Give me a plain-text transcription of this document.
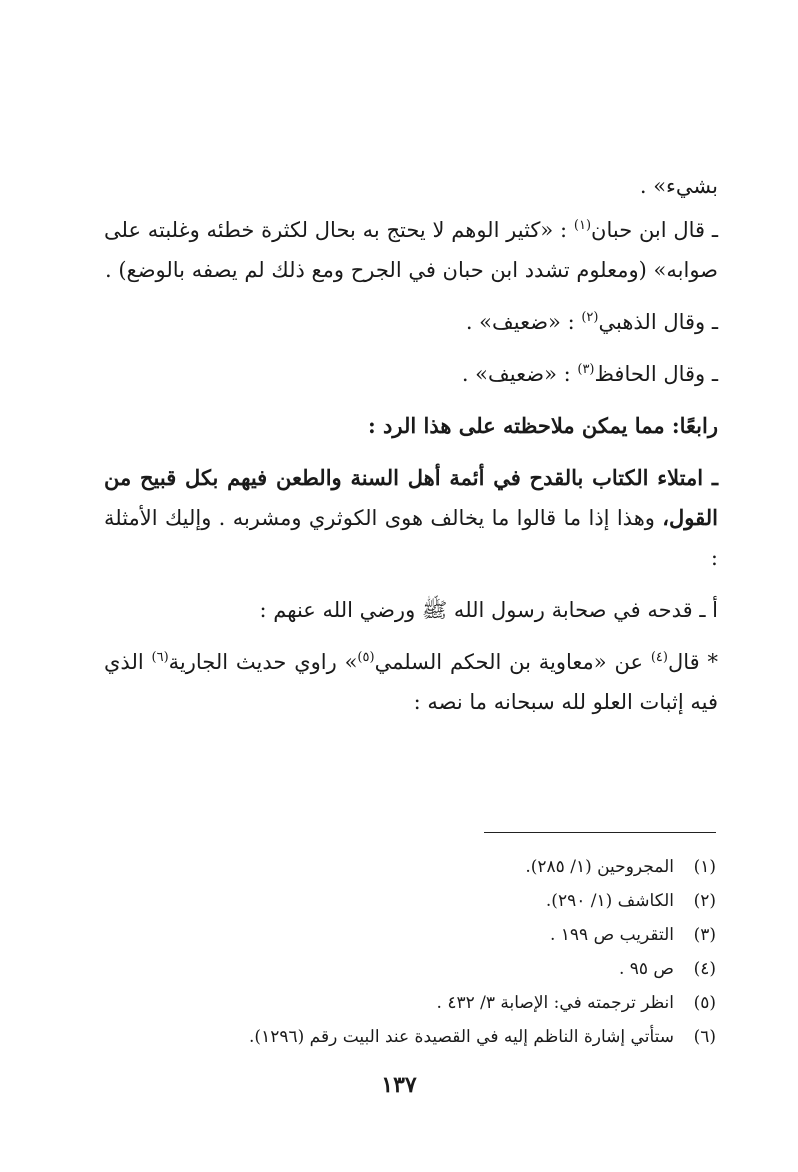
بشيء» .

ـ قال ابن حبان$^{(١)}$ : «كثير الوهم لا يحتج به بحال لكثرة خطئه وغلبته على صوابه» (ومعلوم تشدد ابن حبان في الجرح ومع ذلك لم يصفه بالوضع) .

ـ وقال الذهبي$^{(٢)}$ : «ضعيف» .

ـ وقال الحافظ$^{(٣)}$ : «ضعيف» .

رابعًا: مما يمكن ملاحظته على هذا الرد :

ـ امتلاء الكتاب بالقدح في أئمة أهل السنة والطعن فيهم بكل قبيح من القول، وهذا إذا ما قالوا ما يخالف هوى الكوثري ومشربه . وإليك الأمثلة :

أ ـ قدحه في صحابة رسول الله ﷺ ورضي الله عنهم :

* قال$^{(٤)}$ عن «معاوية بن الحكم السلمي$^{(٥)}$» راوي حديث الجارية$^{(٦)}$ الذي فيه إثبات العلو لله سبحانه ما نصه :

(١)
المجروحين (١/ ٢٨٥).
(٢)
الكاشف (١/ ٢٩٠).
(٣)
التقريب ص ١٩٩ .
(٤)
ص ٩٥ .
(٥)
انظر ترجمته في: الإصابة ٣/ ٤٣٢ .
(٦)
ستأتي إشارة الناظم إليه في القصيدة عند البيت رقم (١٢٩٦).
١٣٧
